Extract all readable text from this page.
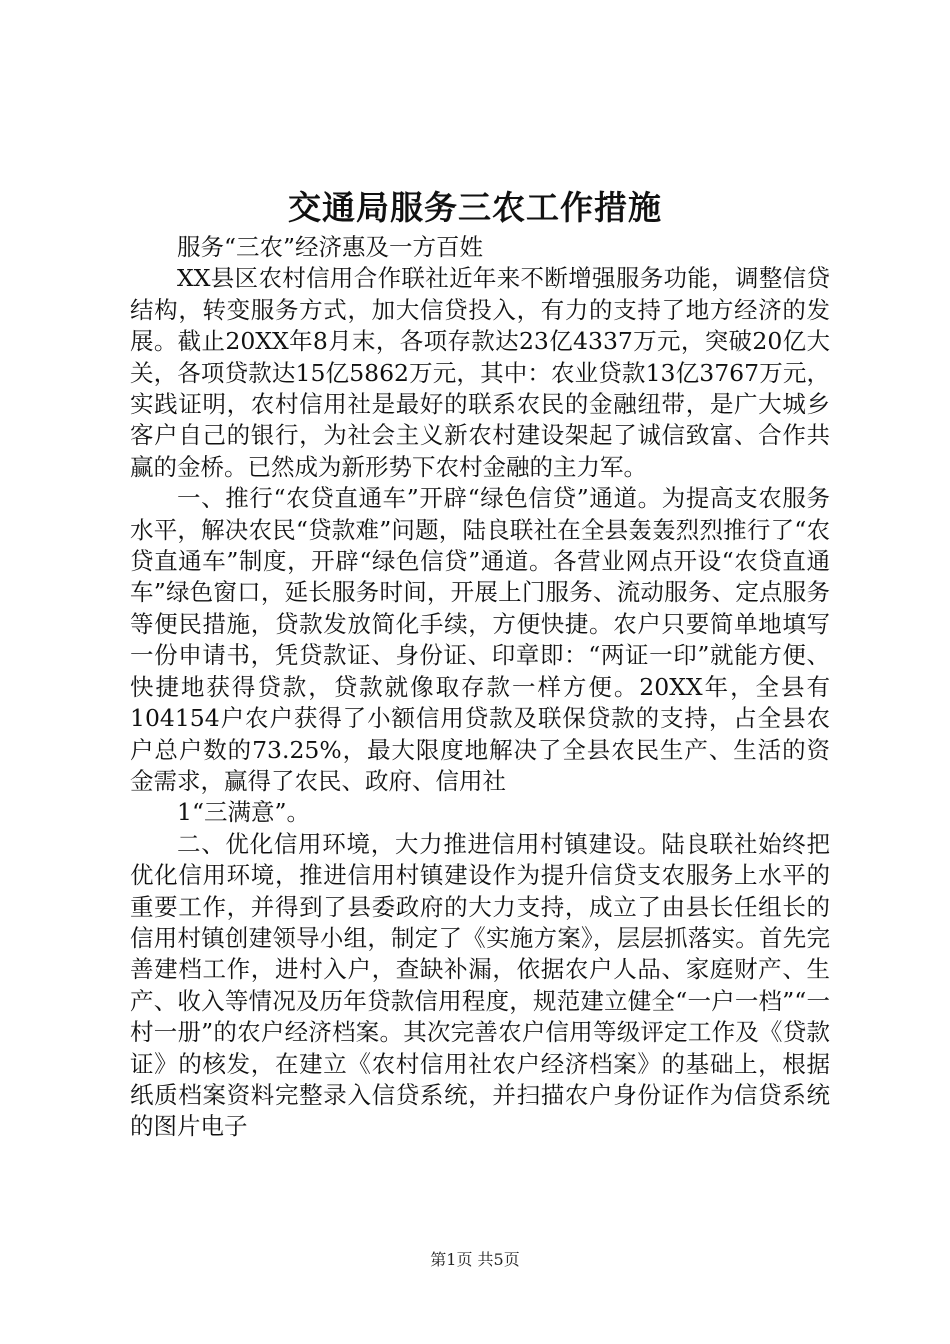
交通局服务三农工作措施

服务“三农”经济惠及一方百姓

XX县区农村信用合作联社近年来不断增强服务功能，调整信贷结构，转变服务方式，加大信贷投入，有力的支持了地方经济的发展。截止20XX年8月末，各项存款达23亿4337万元，突破20亿大关，各项贷款达15亿5862万元，其中：农业贷款13亿3767万元，实践证明，农村信用社是最好的联系农民的金融纽带，是广大城乡客户自己的银行，为社会主义新农村建设架起了诚信致富、合作共赢的金桥。已然成为新形势下农村金融的主力军。

一、推行“农贷直通车”开辟“绿色信贷”通道。为提高支农服务水平，解决农民“贷款难”问题，陆良联社在全县轰轰烈烈推行了“农贷直通车”制度，开辟“绿色信贷”通道。各营业网点开设“农贷直通车”绿色窗口，延长服务时间，开展上门服务、流动服务、定点服务等便民措施，贷款发放简化手续，方便快捷。农户只要简单地填写一份申请书，凭贷款证、身份证、印章即：“两证一印”就能方便、快捷地获得贷款，贷款就像取存款一样方便。20XX年，全县有104154户农户获得了小额信用贷款及联保贷款的支持，占全县农户总户数的73.25%，最大限度地解决了全县农民生产、生活的资金需求，赢得了农民、政府、信用社

1“三满意”。

二、优化信用环境，大力推进信用村镇建设。陆良联社始终把优化信用环境，推进信用村镇建设作为提升信贷支农服务上水平的重要工作，并得到了县委政府的大力支持，成立了由县长任组长的信用村镇创建领导小组，制定了《实施方案》，层层抓落实。首先完善建档工作，进村入户，查缺补漏，依据农户人品、家庭财产、生产、收入等情况及历年贷款信用程度，规范建立健全“一户一档”“一村一册”的农户经济档案。其次完善农户信用等级评定工作及《贷款证》的核发，在建立《农村信用社农户经济档案》的基础上，根据纸质档案资料完整录入信贷系统，并扫描农户身份证作为信贷系统的图片电子

第1页 共5页
